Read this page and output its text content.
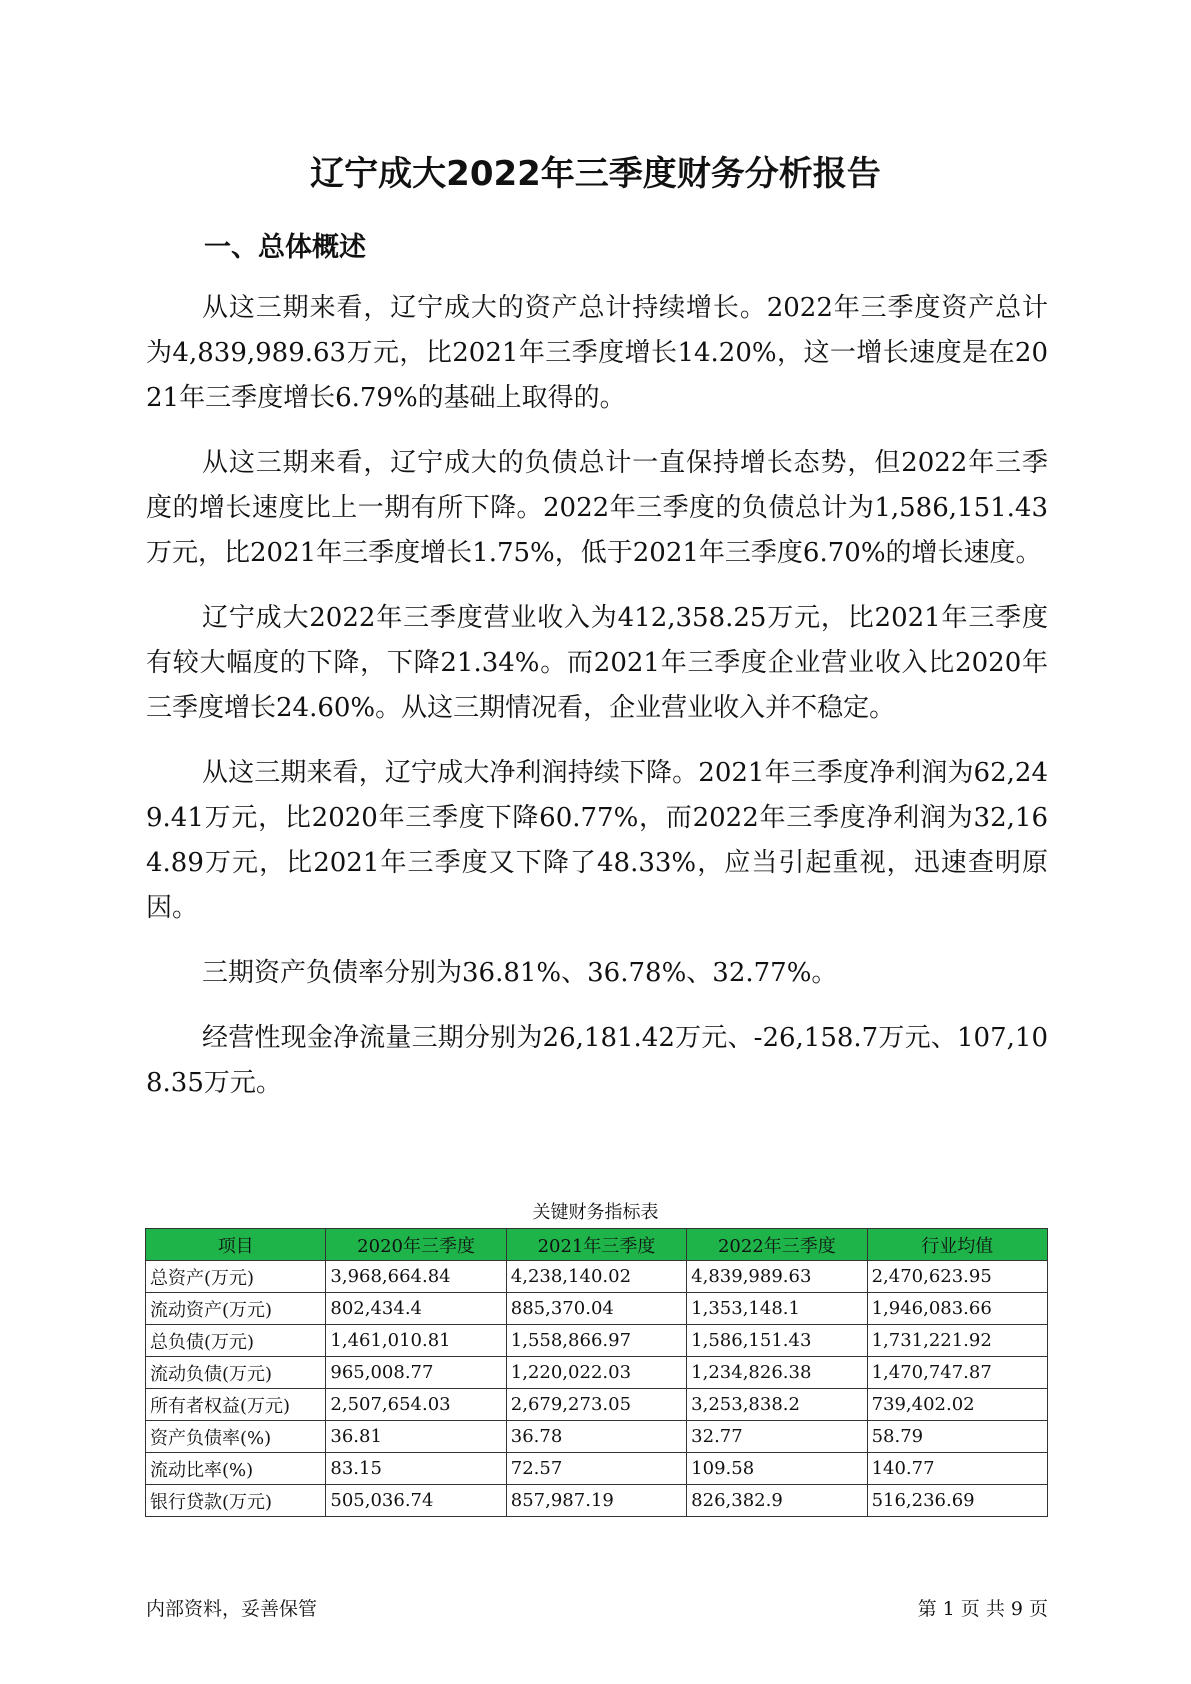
辽宁成大2022年三季度财务分析报告
一、总体概述

从这三期来看，辽宁成大的资产总计持续增长。2022年三季度资产总计为4,839,989.63万元，比2021年三季度增长14.20%，这一增长速度是在2021年三季度增长6.79%的基础上取得的。

从这三期来看，辽宁成大的负债总计一直保持增长态势，但2022年三季度的增长速度比上一期有所下降。2022年三季度的负债总计为1,586,151.43万元，比2021年三季度增长1.75%，低于2021年三季度6.70%的增长速度。

辽宁成大2022年三季度营业收入为412,358.25万元，比2021年三季度有较大幅度的下降，下降21.34%。而2021年三季度企业营业收入比2020年三季度增长24.60%。从这三期情况看，企业营业收入并不稳定。

从这三期来看，辽宁成大净利润持续下降。2021年三季度净利润为62,249.41万元，比2020年三季度下降60.77%，而2022年三季度净利润为32,164.89万元，比2021年三季度又下降了48.33%，应当引起重视，迅速查明原因。

三期资产负债率分别为36.81%、36.78%、32.77%。

经营性现金净流量三期分别为26,181.42万元、-26,158.7万元、107,108.35万元。

关键财务指标表
项目	2020年三季度	2021年三季度	2022年三季度	行业均值
总资产(万元)	3,968,664.84	4,238,140.02	4,839,989.63	2,470,623.95
流动资产(万元)	802,434.4	885,370.04	1,353,148.1	1,946,083.66
总负债(万元)	1,461,010.81	1,558,866.97	1,586,151.43	1,731,221.92
流动负债(万元)	965,008.77	1,220,022.03	1,234,826.38	1,470,747.87
所有者权益(万元)	2,507,654.03	2,679,273.05	3,253,838.2	739,402.02
资产负债率(%)	36.81	36.78	32.77	58.79
流动比率(%)	83.15	72.57	109.58	140.77
银行贷款(万元)	505,036.74	857,987.19	826,382.9	516,236.69
内部资料，妥善保管	第 1 页 共 9 页
